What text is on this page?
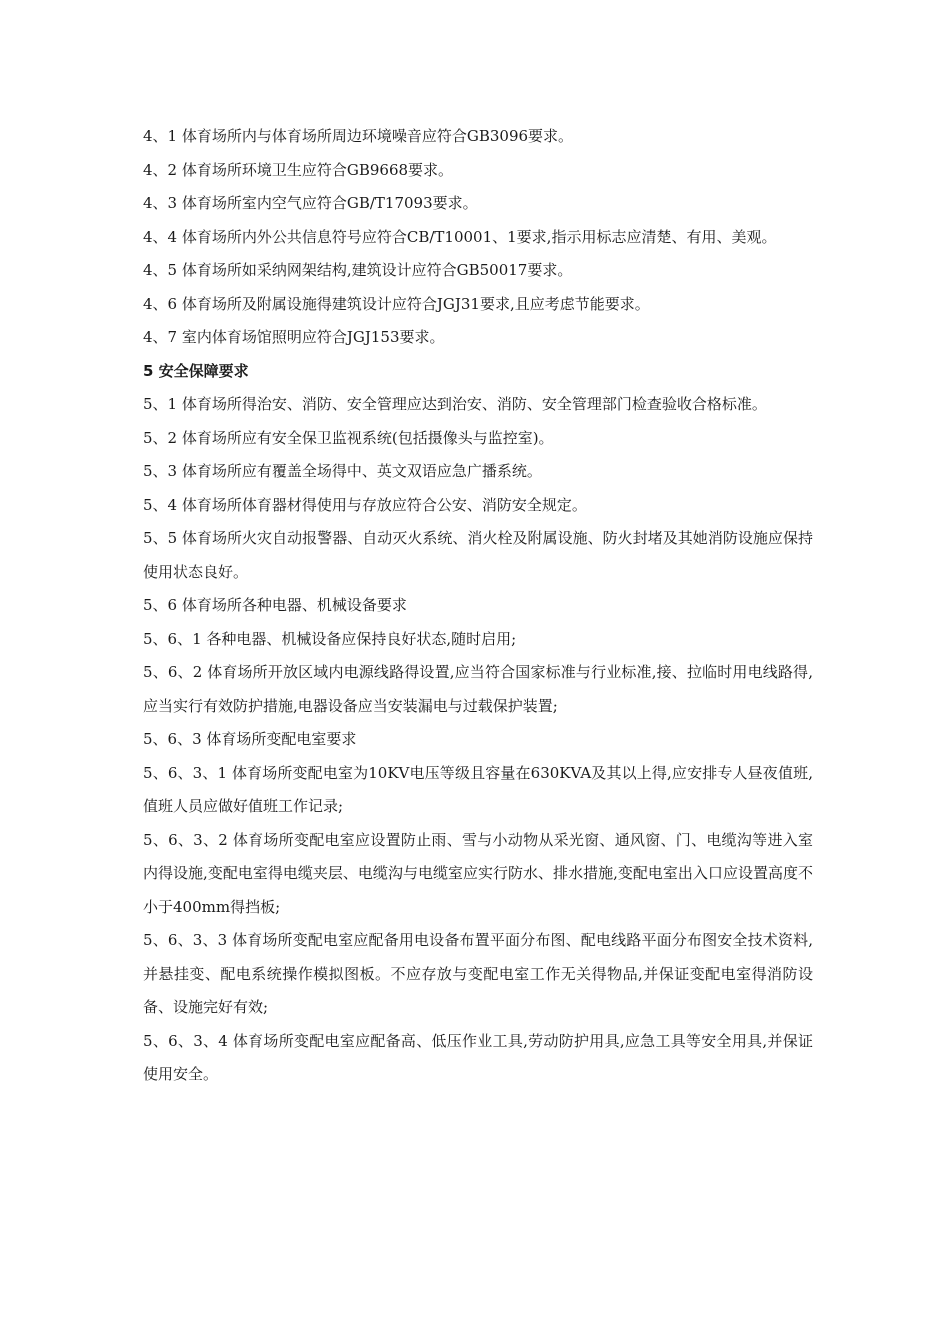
4、1 体育场所内与体育场所周边环境噪音应符合GB3096要求。

4、2 体育场所环境卫生应符合GB9668要求。

4、3 体育场所室内空气应符合GB/T17093要求。

4、4 体育场所内外公共信息符号应符合CB/T10001、1要求,指示用标志应清楚、有用、美观。

4、5 体育场所如采纳网架结构,建筑设计应符合GB50017要求。

4、6 体育场所及附属设施得建筑设计应符合JGJ31要求,且应考虑节能要求。

4、7 室内体育场馆照明应符合JGJ153要求。

5 安全保障要求

5、1 体育场所得治安、消防、安全管理应达到治安、消防、安全管理部门检查验收合格标准。

5、2 体育场所应有安全保卫监视系统(包括摄像头与监控室)。

5、3 体育场所应有覆盖全场得中、英文双语应急广播系统。

5、4 体育场所体育器材得使用与存放应符合公安、消防安全规定。

5、5 体育场所火灾自动报警器、自动灭火系统、消火栓及附属设施、防火封堵及其她消防设施应保持使用状态良好。

5、6 体育场所各种电器、机械设备要求

5、6、1 各种电器、机械设备应保持良好状态,随时启用;

5、6、2 体育场所开放区域内电源线路得设置,应当符合国家标准与行业标准,接、拉临时用电线路得,应当实行有效防护措施,电器设备应当安装漏电与过载保护装置;

5、6、3 体育场所变配电室要求

5、6、3、1 体育场所变配电室为10KV电压等级且容量在630KVA及其以上得,应安排专人昼夜值班,值班人员应做好值班工作记录;

5、6、3、2 体育场所变配电室应设置防止雨、雪与小动物从采光窗、通风窗、门、电缆沟等进入室内得设施,变配电室得电缆夹层、电缆沟与电缆室应实行防水、排水措施,变配电室出入口应设置高度不小于400mm得挡板;

5、6、3、3 体育场所变配电室应配备用电设备布置平面分布图、配电线路平面分布图安全技术资料,并悬挂变、配电系统操作模拟图板。不应存放与变配电室工作无关得物品,并保证变配电室得消防设备、设施完好有效;

5、6、3、4 体育场所变配电室应配备高、低压作业工具,劳动防护用具,应急工具等安全用具,并保证使用安全。
